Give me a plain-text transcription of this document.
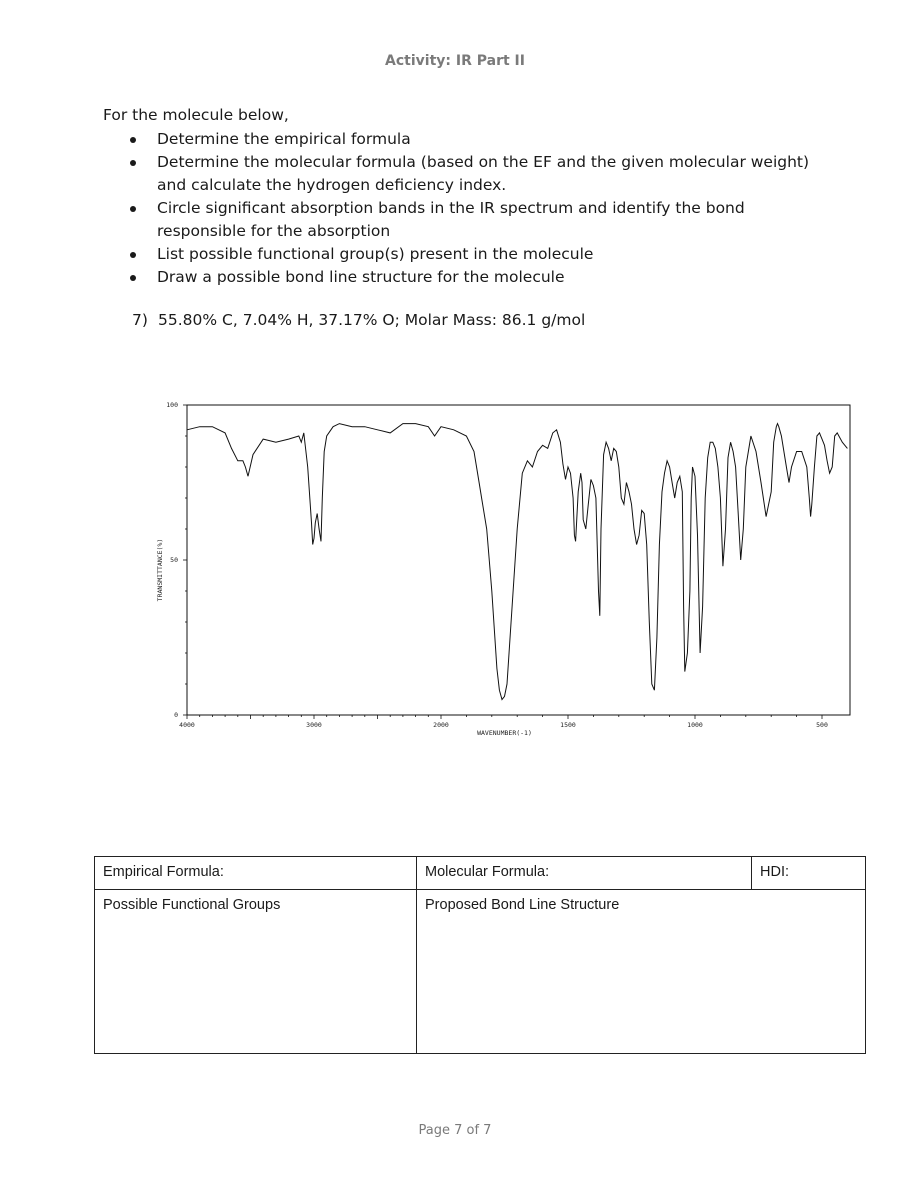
Activity: IR Part II
For the molecule below,
Determine the empirical formula
Determine the molecular formula (based on the EF and the given molecular weight) and calculate the hydrogen deficiency index.
Circle significant absorption bands in the IR spectrum and identify the bond responsible for the absorption
List possible functional group(s) present in the molecule
Draw a possible bond line structure for the molecule
7) 55.80% C, 7.04% H, 37.17% O; Molar Mass: 86.1 g/mol
4000	3000	2000	1500	1000	500
100
50
0
WAVENUMBER(-1)
TRANSMITTANCE(%)
Empirical Formula:	Molecular Formula:	HDI:
Possible Functional Groups	Proposed Bond Line Structure	
Page 7 of 7
